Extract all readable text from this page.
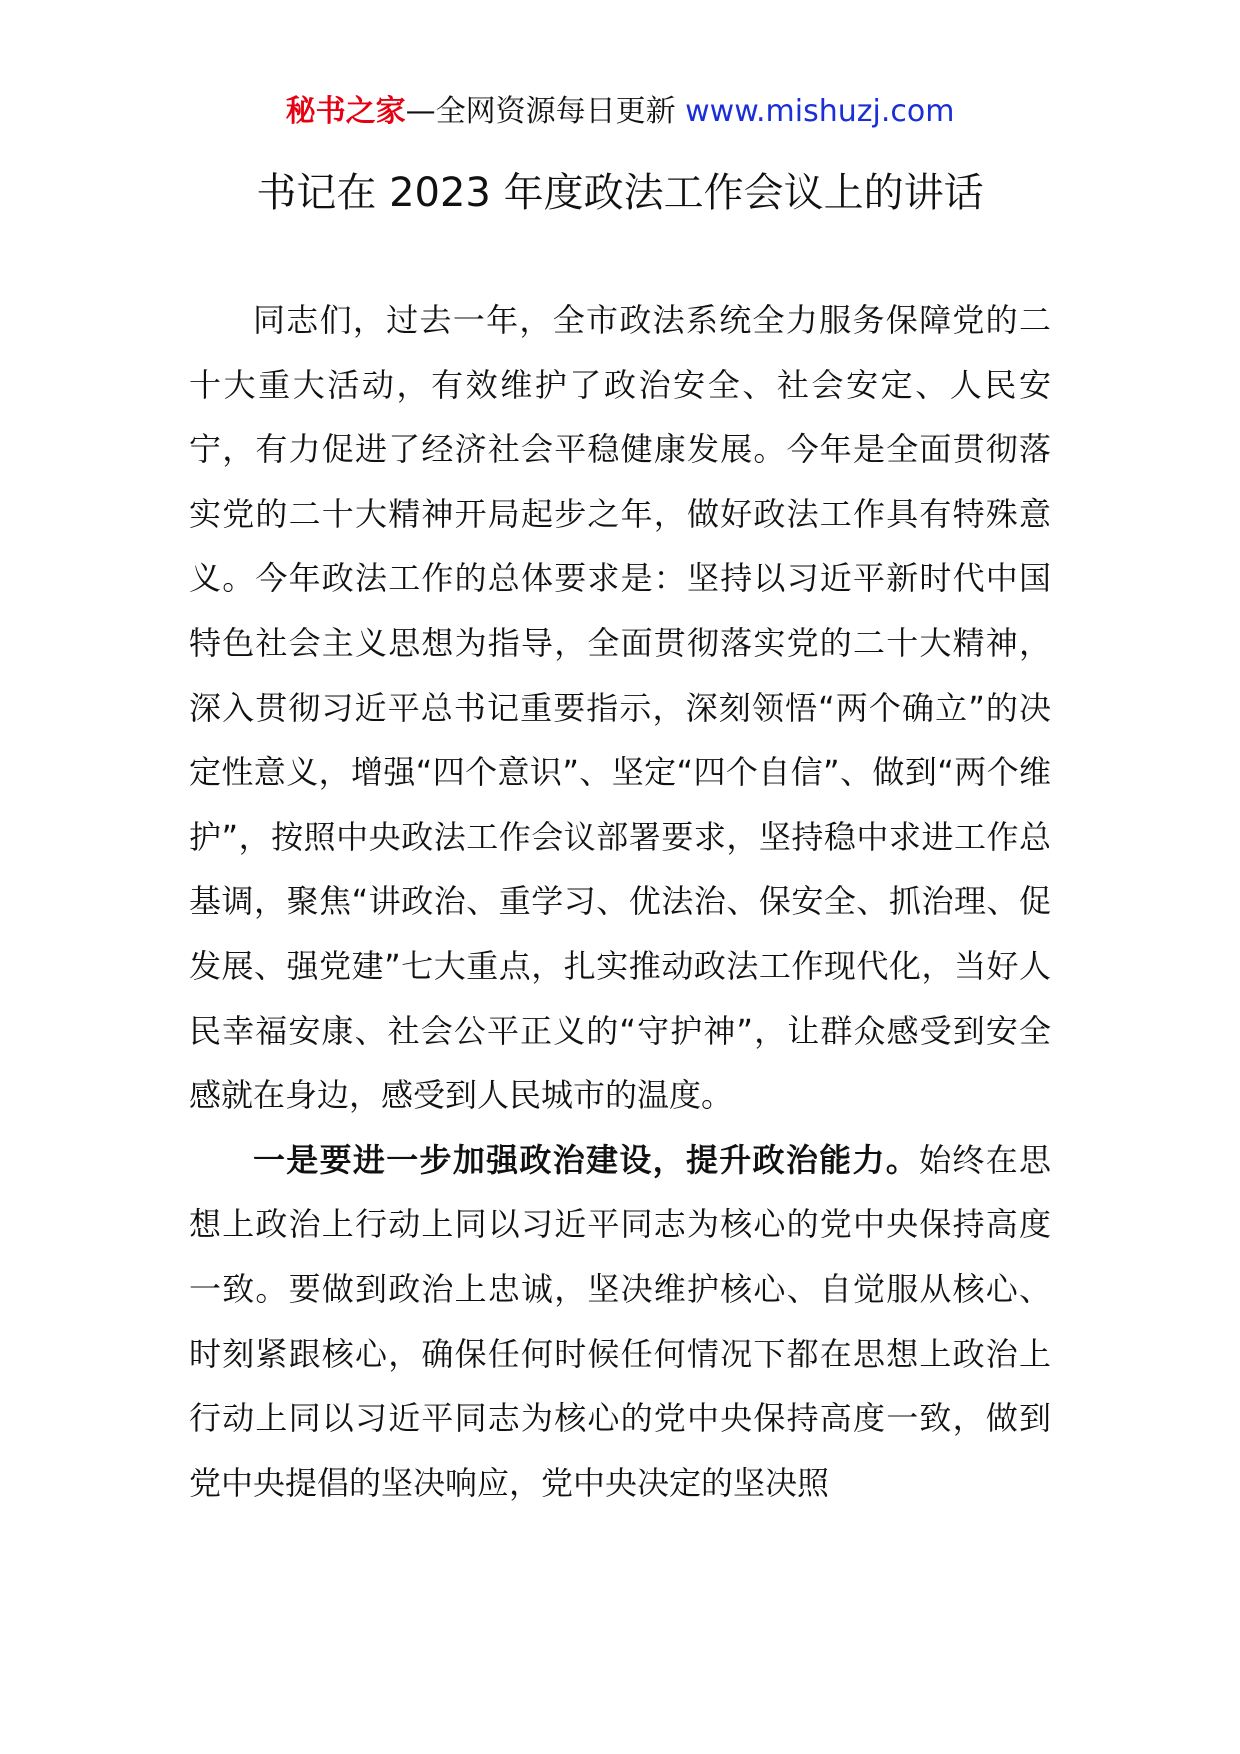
秘书之家—全网资源每日更新 www.mishuzj.com
书记在 2023 年度政法工作会议上的讲话

同志们，过去一年，全市政法系统全力服务保障党的二十大重大活动，有效维护了政治安全、社会安定、人民安宁，有力促进了经济社会平稳健康发展。今年是全面贯彻落实党的二十大精神开局起步之年，做好政法工作具有特殊意义。今年政法工作的总体要求是：坚持以习近平新时代中国特色社会主义思想为指导，全面贯彻落实党的二十大精神，深入贯彻习近平总书记重要指示，深刻领悟“两个确立”的决定性意义，增强“四个意识”、坚定“四个自信”、做到“两个维护”，按照中央政法工作会议部署要求，坚持稳中求进工作总基调，聚焦“讲政治、重学习、优法治、保安全、抓治理、促发展、强党建”七大重点，扎实推动政法工作现代化，当好人民幸福安康、社会公平正义的“守护神”，让群众感受到安全感就在身边，感受到人民城市的温度。

一是要进一步加强政治建设，提升政治能力。始终在思想上政治上行动上同以习近平同志为核心的党中央保持高度一致。要做到政治上忠诚，坚决维护核心、自觉服从核心、时刻紧跟核心，确保任何时候任何情况下都在思想上政治上行动上同以习近平同志为核心的党中央保持高度一致，做到党中央提倡的坚决响应，党中央决定的坚决照
